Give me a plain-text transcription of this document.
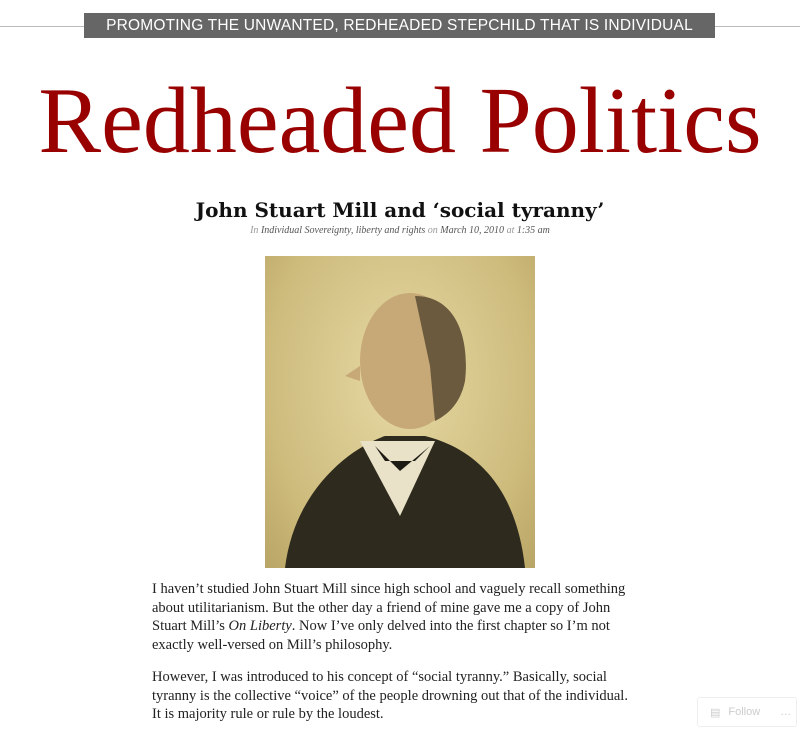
PROMOTING THE UNWANTED, REDHEADED STEPCHILD THAT IS INDIVIDUAL LIBERTY
Redheaded Politics
John Stuart Mill and ‘social tyranny’
In Individual Sovereignty, liberty and rights on March 10, 2010 at 1:35 am

I haven’t studied John Stuart Mill since high school and vaguely recall something about utilitarianism. But the other day a friend of mine gave me a copy of John Stuart Mill’s On Liberty. Now I’ve only delved into the first chapter so I’m not exactly well-versed on Mill’s philosophy.

However, I was introduced to his concept of “social tyranny.” Basically, social tyranny is the collective “voice” of the people drowning out that of the individual. It is majority rule or rule by the loudest.	▤ Follow …
